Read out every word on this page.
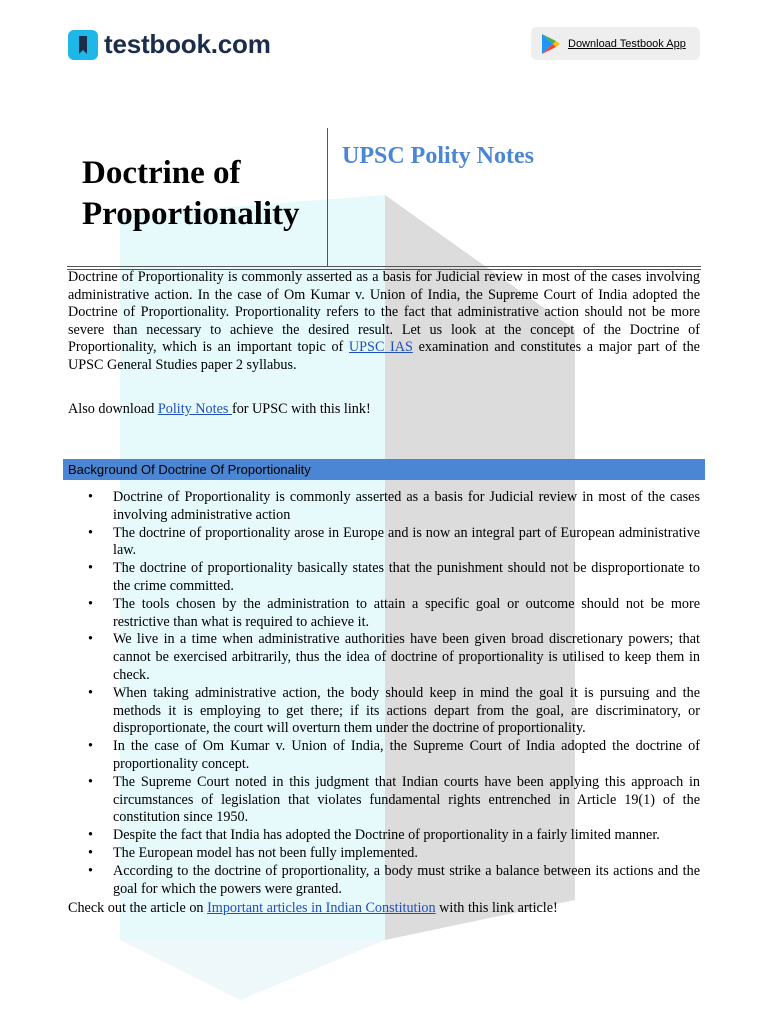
testbook.com	Download Testbook App
Doctrine of Proportionality
UPSC Polity Notes

Doctrine of Proportionality is commonly asserted as a basis for Judicial review in most of the cases involving administrative action. In the case of Om Kumar v. Union of India, the Supreme Court of India adopted the Doctrine of Proportionality. Proportionality refers to the fact that administrative action should not be more severe than necessary to achieve the desired result. Let us look at the concept of the Doctrine of Proportionality, which is an important topic of UPSC IAS examination and constitutes a major part of the UPSC General Studies paper 2 syllabus.

Also download Polity Notes for UPSC with this link!

Background Of Doctrine Of Proportionality
• Doctrine of Proportionality is commonly asserted as a basis for Judicial review in most of the cases involving administrative action
• The doctrine of proportionality arose in Europe and is now an integral part of European administrative law.
• The doctrine of proportionality basically states that the punishment should not be disproportionate to the crime committed.
• The tools chosen by the administration to attain a specific goal or outcome should not be more restrictive than what is required to achieve it.
• We live in a time when administrative authorities have been given broad discretionary powers; that cannot be exercised arbitrarily, thus the idea of doctrine of proportionality is utilised to keep them in check.
• When taking administrative action, the body should keep in mind the goal it is pursuing and the methods it is employing to get there; if its actions depart from the goal, are discriminatory, or disproportionate, the court will overturn them under the doctrine of proportionality.
• In the case of Om Kumar v. Union of India, the Supreme Court of India adopted the doctrine of proportionality concept.
• The Supreme Court noted in this judgment that Indian courts have been applying this approach in circumstances of legislation that violates fundamental rights entrenched in Article 19(1) of the constitution since 1950.
• Despite the fact that India has adopted the Doctrine of proportionality in a fairly limited manner.
• The European model has not been fully implemented.
• According to the doctrine of proportionality, a body must strike a balance between its actions and the goal for which the powers were granted.

Check out the article on Important articles in Indian Constitution with this link article!
